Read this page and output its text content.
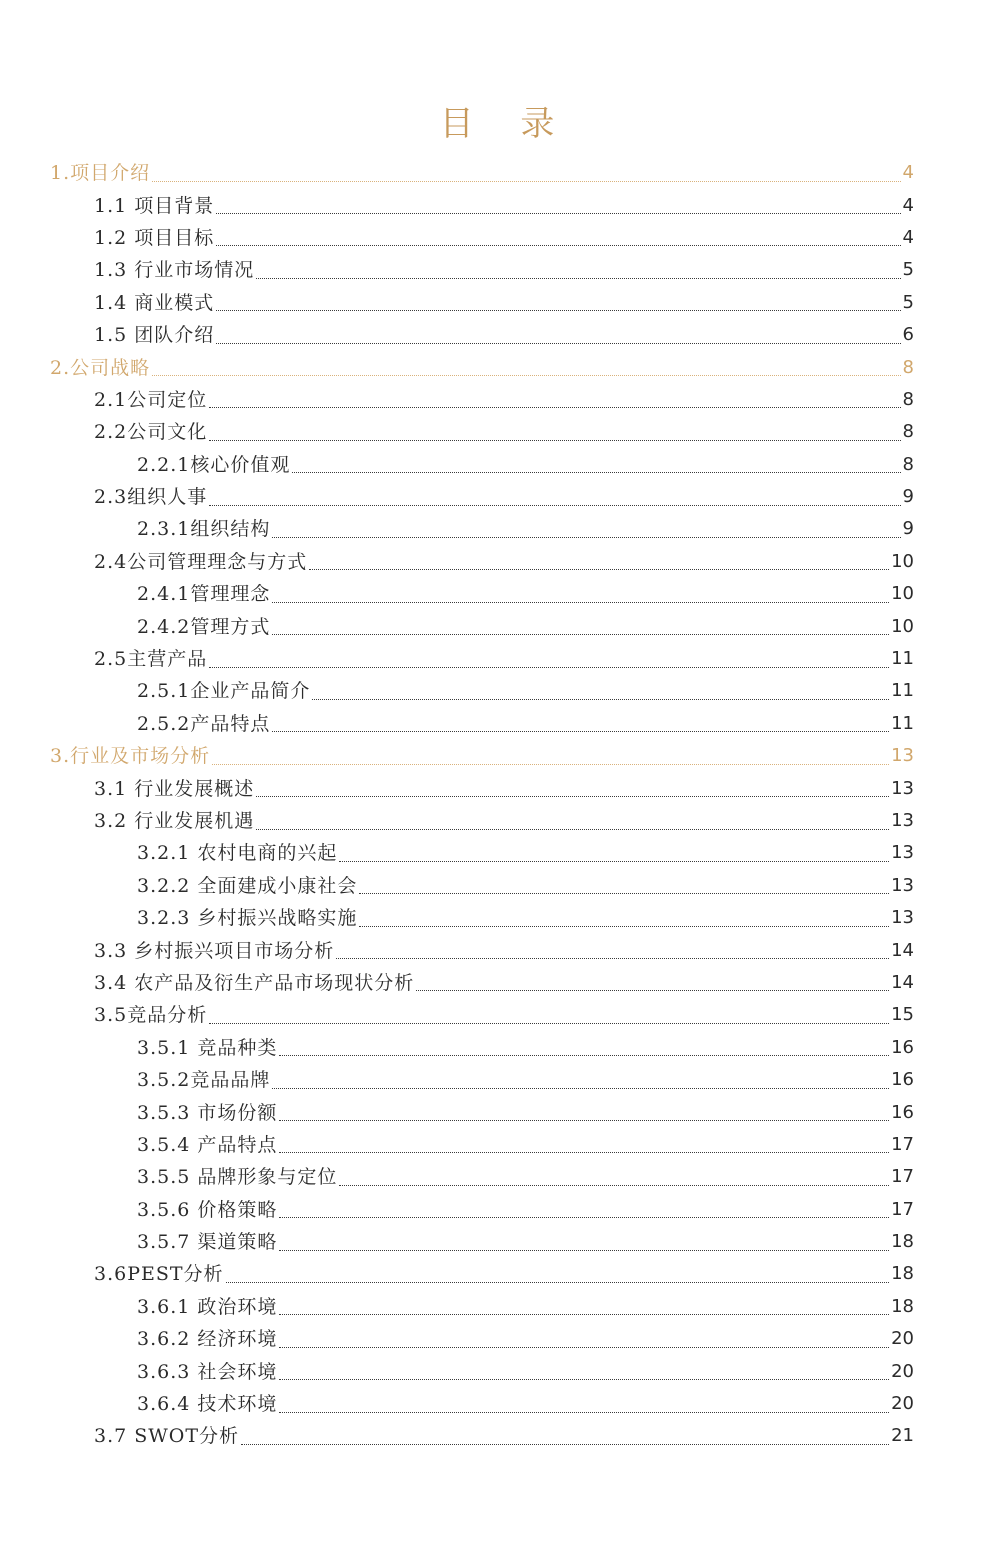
目 录
1.项目介绍	4
1.1 项目背景	4
1.2 项目目标	4
1.3 行业市场情况	5
1.4 商业模式	5
1.5 团队介绍	6
2.公司战略	8
2.1公司定位	8
2.2公司文化	8
2.2.1核心价值观	8
2.3组织人事	9
2.3.1组织结构	9
2.4公司管理理念与方式	10
2.4.1管理理念	10
2.4.2管理方式	10
2.5主营产品	11
2.5.1企业产品简介	11
2.5.2产品特点	11
3.行业及市场分析	13
3.1 行业发展概述	13
3.2 行业发展机遇	13
3.2.1 农村电商的兴起	13
3.2.2 全面建成小康社会	13
3.2.3 乡村振兴战略实施	13
3.3 乡村振兴项目市场分析	14
3.4 农产品及衍生产品市场现状分析	14
3.5竞品分析	15
3.5.1 竞品种类	16
3.5.2竞品品牌	16
3.5.3 市场份额	16
3.5.4 产品特点	17
3.5.5 品牌形象与定位	17
3.5.6 价格策略	17
3.5.7 渠道策略	18
3.6PEST分析	18
3.6.1 政治环境	18
3.6.2 经济环境	20
3.6.3 社会环境	20
3.6.4 技术环境	20
3.7 SWOT分析	21
